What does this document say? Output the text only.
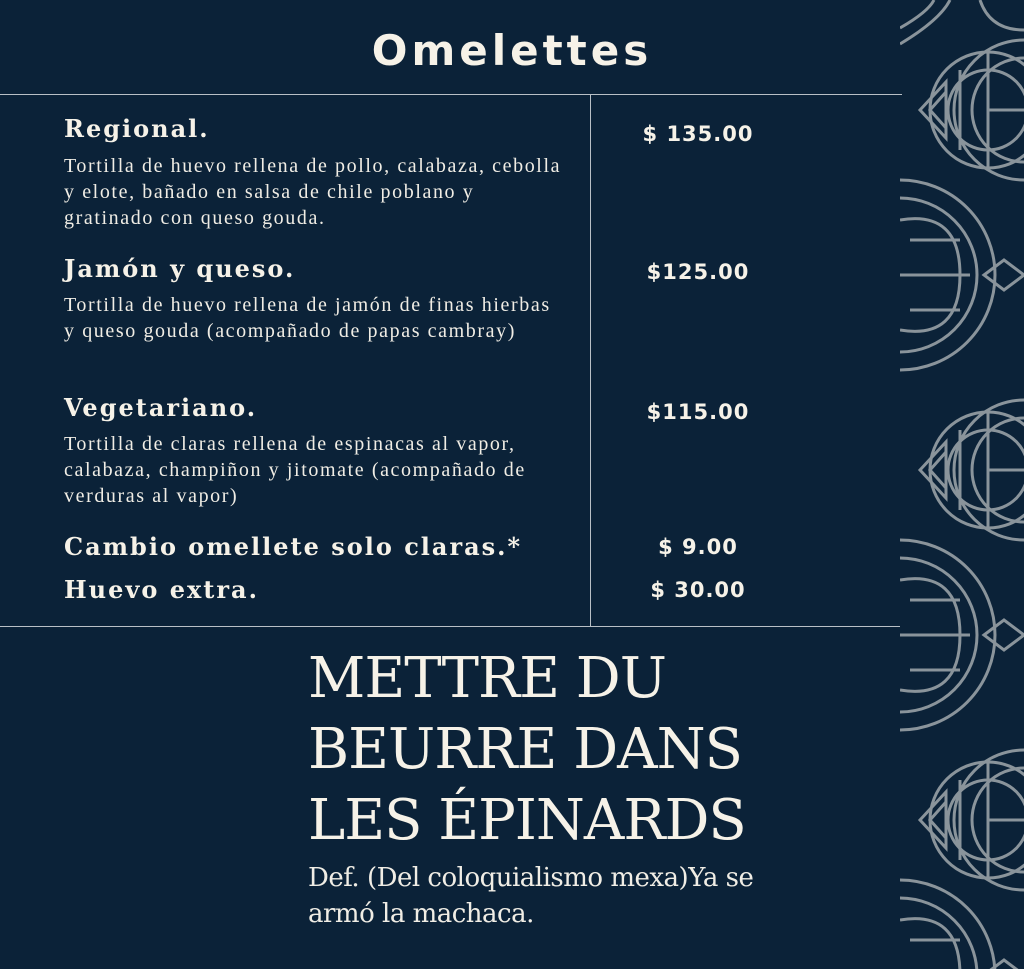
Omelettes
Regional.
Tortilla de huevo rellena de pollo, calabaza, cebolla y elote, bañado en salsa de chile poblano y gratinado con queso gouda.
$ 135.00
Jamón y queso.
Tortilla de huevo rellena de jamón de finas hierbas y queso gouda (acompañado de papas cambray)
$125.00
Vegetariano.
Tortilla de claras rellena de espinacas al vapor, calabaza, champiñon y jitomate (acompañado de verduras al vapor)
$115.00
Cambio omellete solo claras.*	$ 9.00
Huevo extra.	$ 30.00
METTRE DU
BEURRE DANS
LES ÉPINARDS
Def. (Del coloquialismo mexa)Ya se armó la machaca.
